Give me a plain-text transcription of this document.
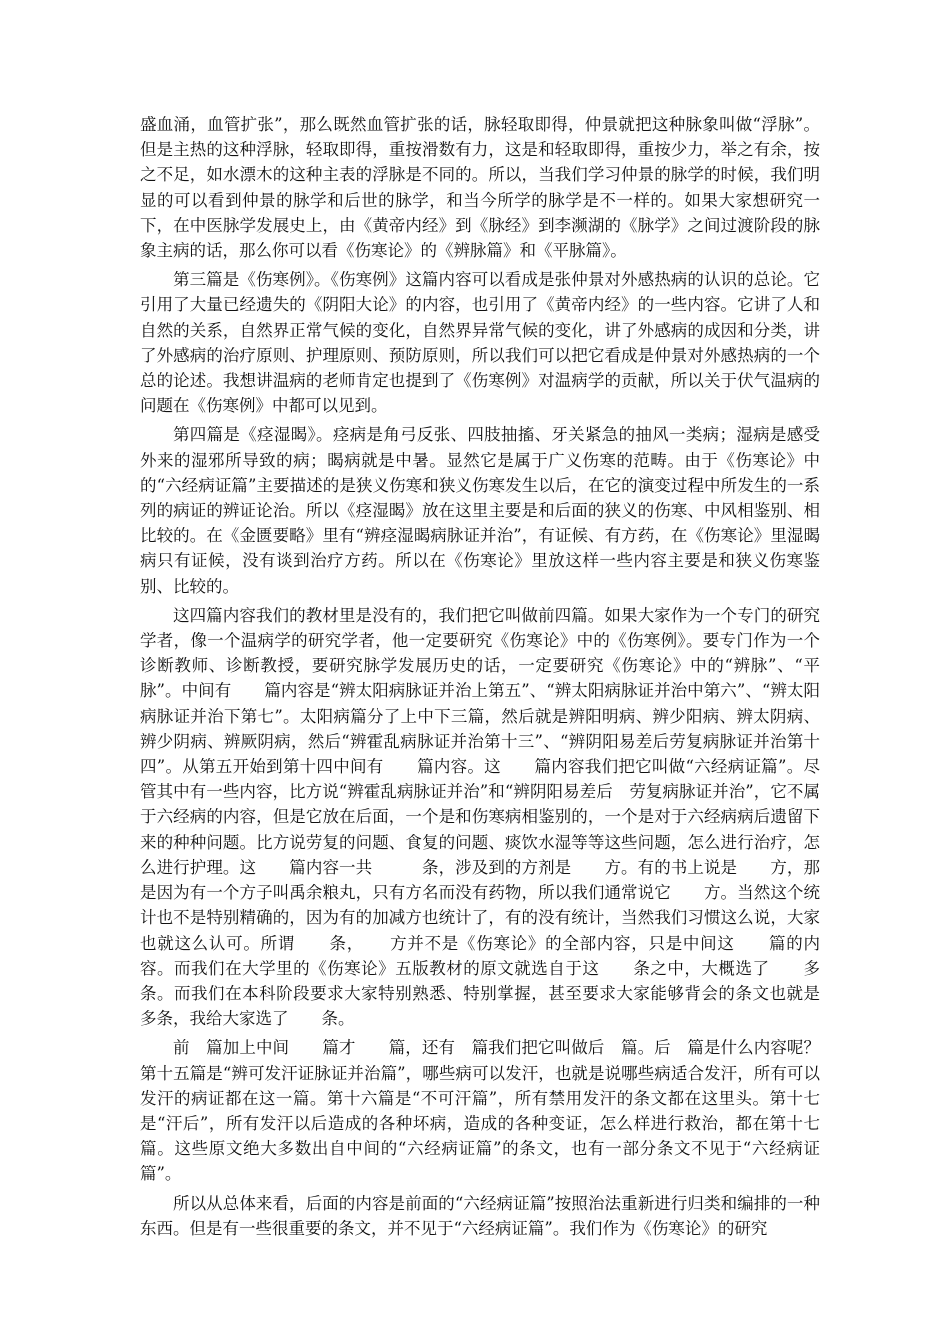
盛血涌，血管扩张”，那么既然血管扩张的话，脉轻取即得，仲景就把这种脉象叫做“浮脉”。但是主热的这种浮脉，轻取即得，重按滑数有力，这是和轻取即得，重按少力，举之有余，按之不足，如水漂木的这种主表的浮脉是不同的。所以，当我们学习仲景的脉学的时候，我们明显的可以看到仲景的脉学和后世的脉学，和当今所学的脉学是不一样的。如果大家想研究一下，在中医脉学发展史上，由《黄帝内经》到《脉经》到李濒湖的《脉学》之间过渡阶段的脉象主病的话，那么你可以看《伤寒论》的《辨脉篇》和《平脉篇》。

第三篇是《伤寒例》。《伤寒例》这篇内容可以看成是张仲景对外感热病的认识的总论。它引用了大量已经遗失的《阴阳大论》的内容，也引用了《黄帝内经》的一些内容。它讲了人和自然的关系，自然界正常气候的变化，自然界异常气候的变化，讲了外感病的成因和分类，讲了外感病的治疗原则、护理原则、预防原则，所以我们可以把它看成是仲景对外感热病的一个总的论述。我想讲温病的老师肯定也提到了《伤寒例》对温病学的贡献，所以关于伏气温病的问题在《伤寒例》中都可以见到。

第四篇是《痉湿暍》。痉病是角弓反张、四肢抽搐、牙关紧急的抽风一类病；湿病是感受外来的湿邪所导致的病；暍病就是中暑。显然它是属于广义伤寒的范畴。由于《伤寒论》中的“六经病证篇”主要描述的是狭义伤寒和狭义伤寒发生以后，在它的演变过程中所发生的一系列的病证的辨证论治。所以《痉湿暍》放在这里主要是和后面的狭义的伤寒、中风相鉴别、相比较的。在《金匮要略》里有“辨痉湿暍病脉证并治”，有证候、有方药，在《伤寒论》里湿暍病只有证候，没有谈到治疗方药。所以在《伤寒论》里放这样一些内容主要是和狭义伤寒鉴别、比较的。

这四篇内容我们的教材里是没有的，我们把它叫做前四篇。如果大家作为一个专门的研究学者，像一个温病学的研究学者，他一定要研究《伤寒论》中的《伤寒例》。要专门作为一个诊断教师、诊断教授，要研究脉学发展历史的话，一定要研究《伤寒论》中的“辨脉”、“平脉”。中间有　　篇内容是“辨太阳病脉证并治上第五”、“辨太阳病脉证并治中第六”、“辨太阳病脉证并治下第七”。太阳病篇分了上中下三篇，然后就是辨阳明病、辨少阳病、辨太阴病、辨少阴病、辨厥阴病，然后“辨霍乱病脉证并治第十三”、“辨阴阳易差后劳复病脉证并治第十四”。从第五开始到第十四中间有　　篇内容。这　　篇内容我们把它叫做“六经病证篇”。尽管其中有一些内容，比方说“辨霍乱病脉证并治”和“辨阴阳易差后　劳复病脉证并治”，它不属于六经病的内容，但是它放在后面，一个是和伤寒病相鉴别的，一个是对于六经病病后遗留下来的种种问题。比方说劳复的问题、食复的问题、痰饮水湿等等这些问题，怎么进行治疗，怎么进行护理。这　　篇内容一共　　　条，涉及到的方剂是　　方。有的书上说是　　方，那是因为有一个方子叫禹余粮丸，只有方名而没有药物，所以我们通常说它　　方。当然这个统计也不是特别精确的，因为有的加减方也统计了，有的没有统计，当然我们习惯这么说，大家也就这么认可。所谓　　条，　　方并不是《伤寒论》的全部内容，只是中间这　　篇的内容。而我们在大学里的《伤寒论》五版教材的原文就选自于这　　条之中，大概选了　　多条。而我们在本科阶段要求大家特别熟悉、特别掌握，甚至要求大家能够背会的条文也就是　　多条，我给大家选了　　条。

前　篇加上中间　　篇才　　篇，还有　篇我们把它叫做后　篇。后　篇是什么内容呢？第十五篇是“辨可发汗证脉证并治篇”，哪些病可以发汗，也就是说哪些病适合发汗，所有可以发汗的病证都在这一篇。第十六篇是“不可汗篇”，所有禁用发汗的条文都在这里头。第十七是“汗后”，所有发汗以后造成的各种坏病，造成的各种变证，怎么样进行救治，都在第十七篇。这些原文绝大多数出自中间的“六经病证篇”的条文，也有一部分条文不见于“六经病证篇”。

所以从总体来看，后面的内容是前面的“六经病证篇”按照治法重新进行归类和编排的一种东西。但是有一些很重要的条文，并不见于“六经病证篇”。我们作为《伤寒论》的研究
